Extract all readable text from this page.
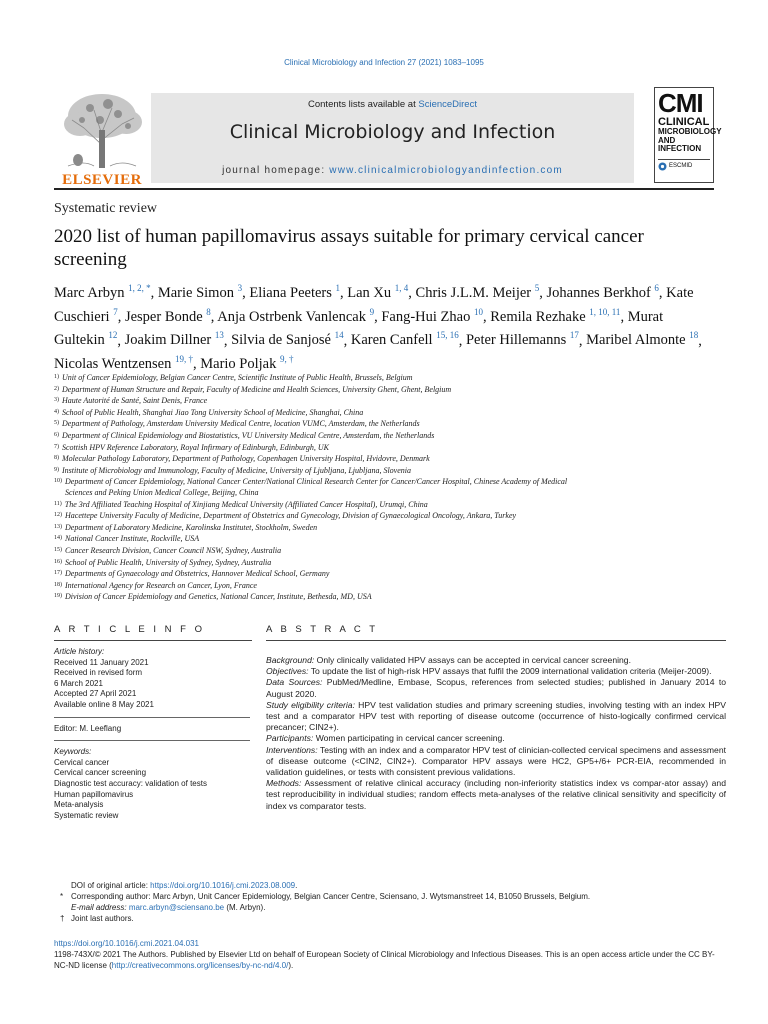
Clinical Microbiology and Infection 27 (2021) 1083–1095
ELSEVIER
Contents lists available at ScienceDirect
Clinical Microbiology and Infection
journal homepage: www.clinicalmicrobiologyandinfection.com
CMI
CLINICAL
MICROBIOLOGY
AND INFECTION
ESCMID
Systematic review
2020 list of human papillomavirus assays suitable for primary cervical cancer screening
Marc Arbyn $^{1, 2, *}$, Marie Simon $^3$, Eliana Peeters $^1$, Lan Xu $^{1, 4}$, Chris J.L.M. Meijer $^5$, Johannes Berkhof $^6$, Kate Cuschieri $^7$, Jesper Bonde $^8$, Anja Ostrbenk Vanlencak $^9$, Fang-Hui Zhao $^{10}$, Remila Rezhake $^{1, 10, 11}$, Murat Gultekin $^{12}$, Joakim Dillner $^{13}$, Silvia de Sanjosé $^{14}$, Karen Canfell $^{15, 16}$, Peter Hillemanns $^{17}$, Maribel Almonte $^{18}$, Nicolas Wentzensen $^{19, \dagger}$, Mario Poljak $^{9, \dagger}$
$^{1)}$ Unit of Cancer Epidemiology, Belgian Cancer Centre, Scientific Institute of Public Health, Brussels, Belgium
$^{2)}$ Department of Human Structure and Repair, Faculty of Medicine and Health Sciences, University Ghent, Ghent, Belgium
$^{3)}$ Haute Autorité de Santé, Saint Denis, France
$^{4)}$ School of Public Health, Shanghai Jiao Tong University School of Medicine, Shanghai, China
$^{5)}$ Department of Pathology, Amsterdam University Medical Centre, location VUMC, Amsterdam, the Netherlands
$^{6)}$ Department of Clinical Epidemiology and Biostatistics, VU University Medical Centre, Amsterdam, the Netherlands
$^{7)}$ Scottish HPV Reference Laboratory, Royal Infirmary of Edinburgh, Edinburgh, UK
$^{8)}$ Molecular Pathology Laboratory, Department of Pathology, Copenhagen University Hospital, Hvidovre, Denmark
$^{9)}$ Institute of Microbiology and Immunology, Faculty of Medicine, University of Ljubljana, Ljubljana, Slovenia
$^{10)}$ Department of Cancer Epidemiology, National Cancer Center/National Clinical Research Center for Cancer/Cancer Hospital, Chinese Academy of Medical
Sciences and Peking Union Medical College, Beijing, China
$^{11)}$ The 3rd Affiliated Teaching Hospital of Xinjiang Medical University (Affiliated Cancer Hospital), Urumqi, China
$^{12)}$ Hacettepe University Faculty of Medicine, Department of Obstetrics and Gynecology, Division of Gynaecological Oncology, Ankara, Turkey
$^{13)}$ Department of Laboratory Medicine, Karolinska Institutet, Stockholm, Sweden
$^{14)}$ National Cancer Institute, Rockville, USA
$^{15)}$ Cancer Research Division, Cancer Council NSW, Sydney, Australia
$^{16)}$ School of Public Health, University of Sydney, Sydney, Australia
$^{17)}$ Departments of Gynaecology and Obstetrics, Hannover Medical School, Germany
$^{18)}$ International Agency for Research on Cancer, Lyon, France
$^{19)}$ Division of Cancer Epidemiology and Genetics, National Cancer, Institute, Bethesda, MD, USA
A R T I C L E I N F O	A B S T R A C T
Article history:
Received 11 January 2021
Received in revised form
6 March 2021
Accepted 27 April 2021
Available online 8 May 2021
Editor: M. Leeflang
Keywords:
Cervical cancer
Cervical cancer screening
Diagnostic test accuracy: validation of tests
Human papillomavirus
Meta-analysis
Systematic review
Background: Only clinically validated HPV assays can be accepted in cervical cancer screening.
Objectives: To update the list of high-risk HPV assays that fulfil the 2009 international validation criteria (Meijer-2009).
Data Sources: PubMed/Medline, Embase, Scopus, references from selected studies; published in January 2014 to August 2020.
Study eligibility criteria: HPV test validation studies and primary screening studies, involving testing with an index HPV test and a comparator HPV test with reporting of disease outcome (occurrence of histo-logically confirmed cervical precancer; CIN2+).
Participants: Women participating in cervical cancer screening.
Interventions: Testing with an index and a comparator HPV test of clinician-collected cervical specimens and assessment of disease outcome (<CIN2, CIN2+). Comparator HPV assays were HC2, GP5+/6+ PCR-EIA, recommended in validation guidelines, or tests with consistent previous validations.
Methods: Assessment of relative clinical accuracy (including non-inferiority statistics index vs compar-ator assay) and test reproducibility in individual studies; random effects meta-analyses of the relative clinical sensitivity and specificity of index vs comparator tests.
DOI of original article: https://doi.org/10.1016/j.cmi.2023.08.009.
* Corresponding author: Marc Arbyn, Unit Cancer Epidemiology, Belgian Cancer Centre, Sciensano, J. Wytsmanstreet 14, B1050 Brussels, Belgium.
E-mail address: marc.arbyn@sciensano.be (M. Arbyn).
† Joint last authors.
https://doi.org/10.1016/j.cmi.2021.04.031
1198-743X/© 2021 The Authors. Published by Elsevier Ltd on behalf of European Society of Clinical Microbiology and Infectious Diseases. This is an open access article under the CC BY-NC-ND license (http://creativecommons.org/licenses/by-nc-nd/4.0/).
